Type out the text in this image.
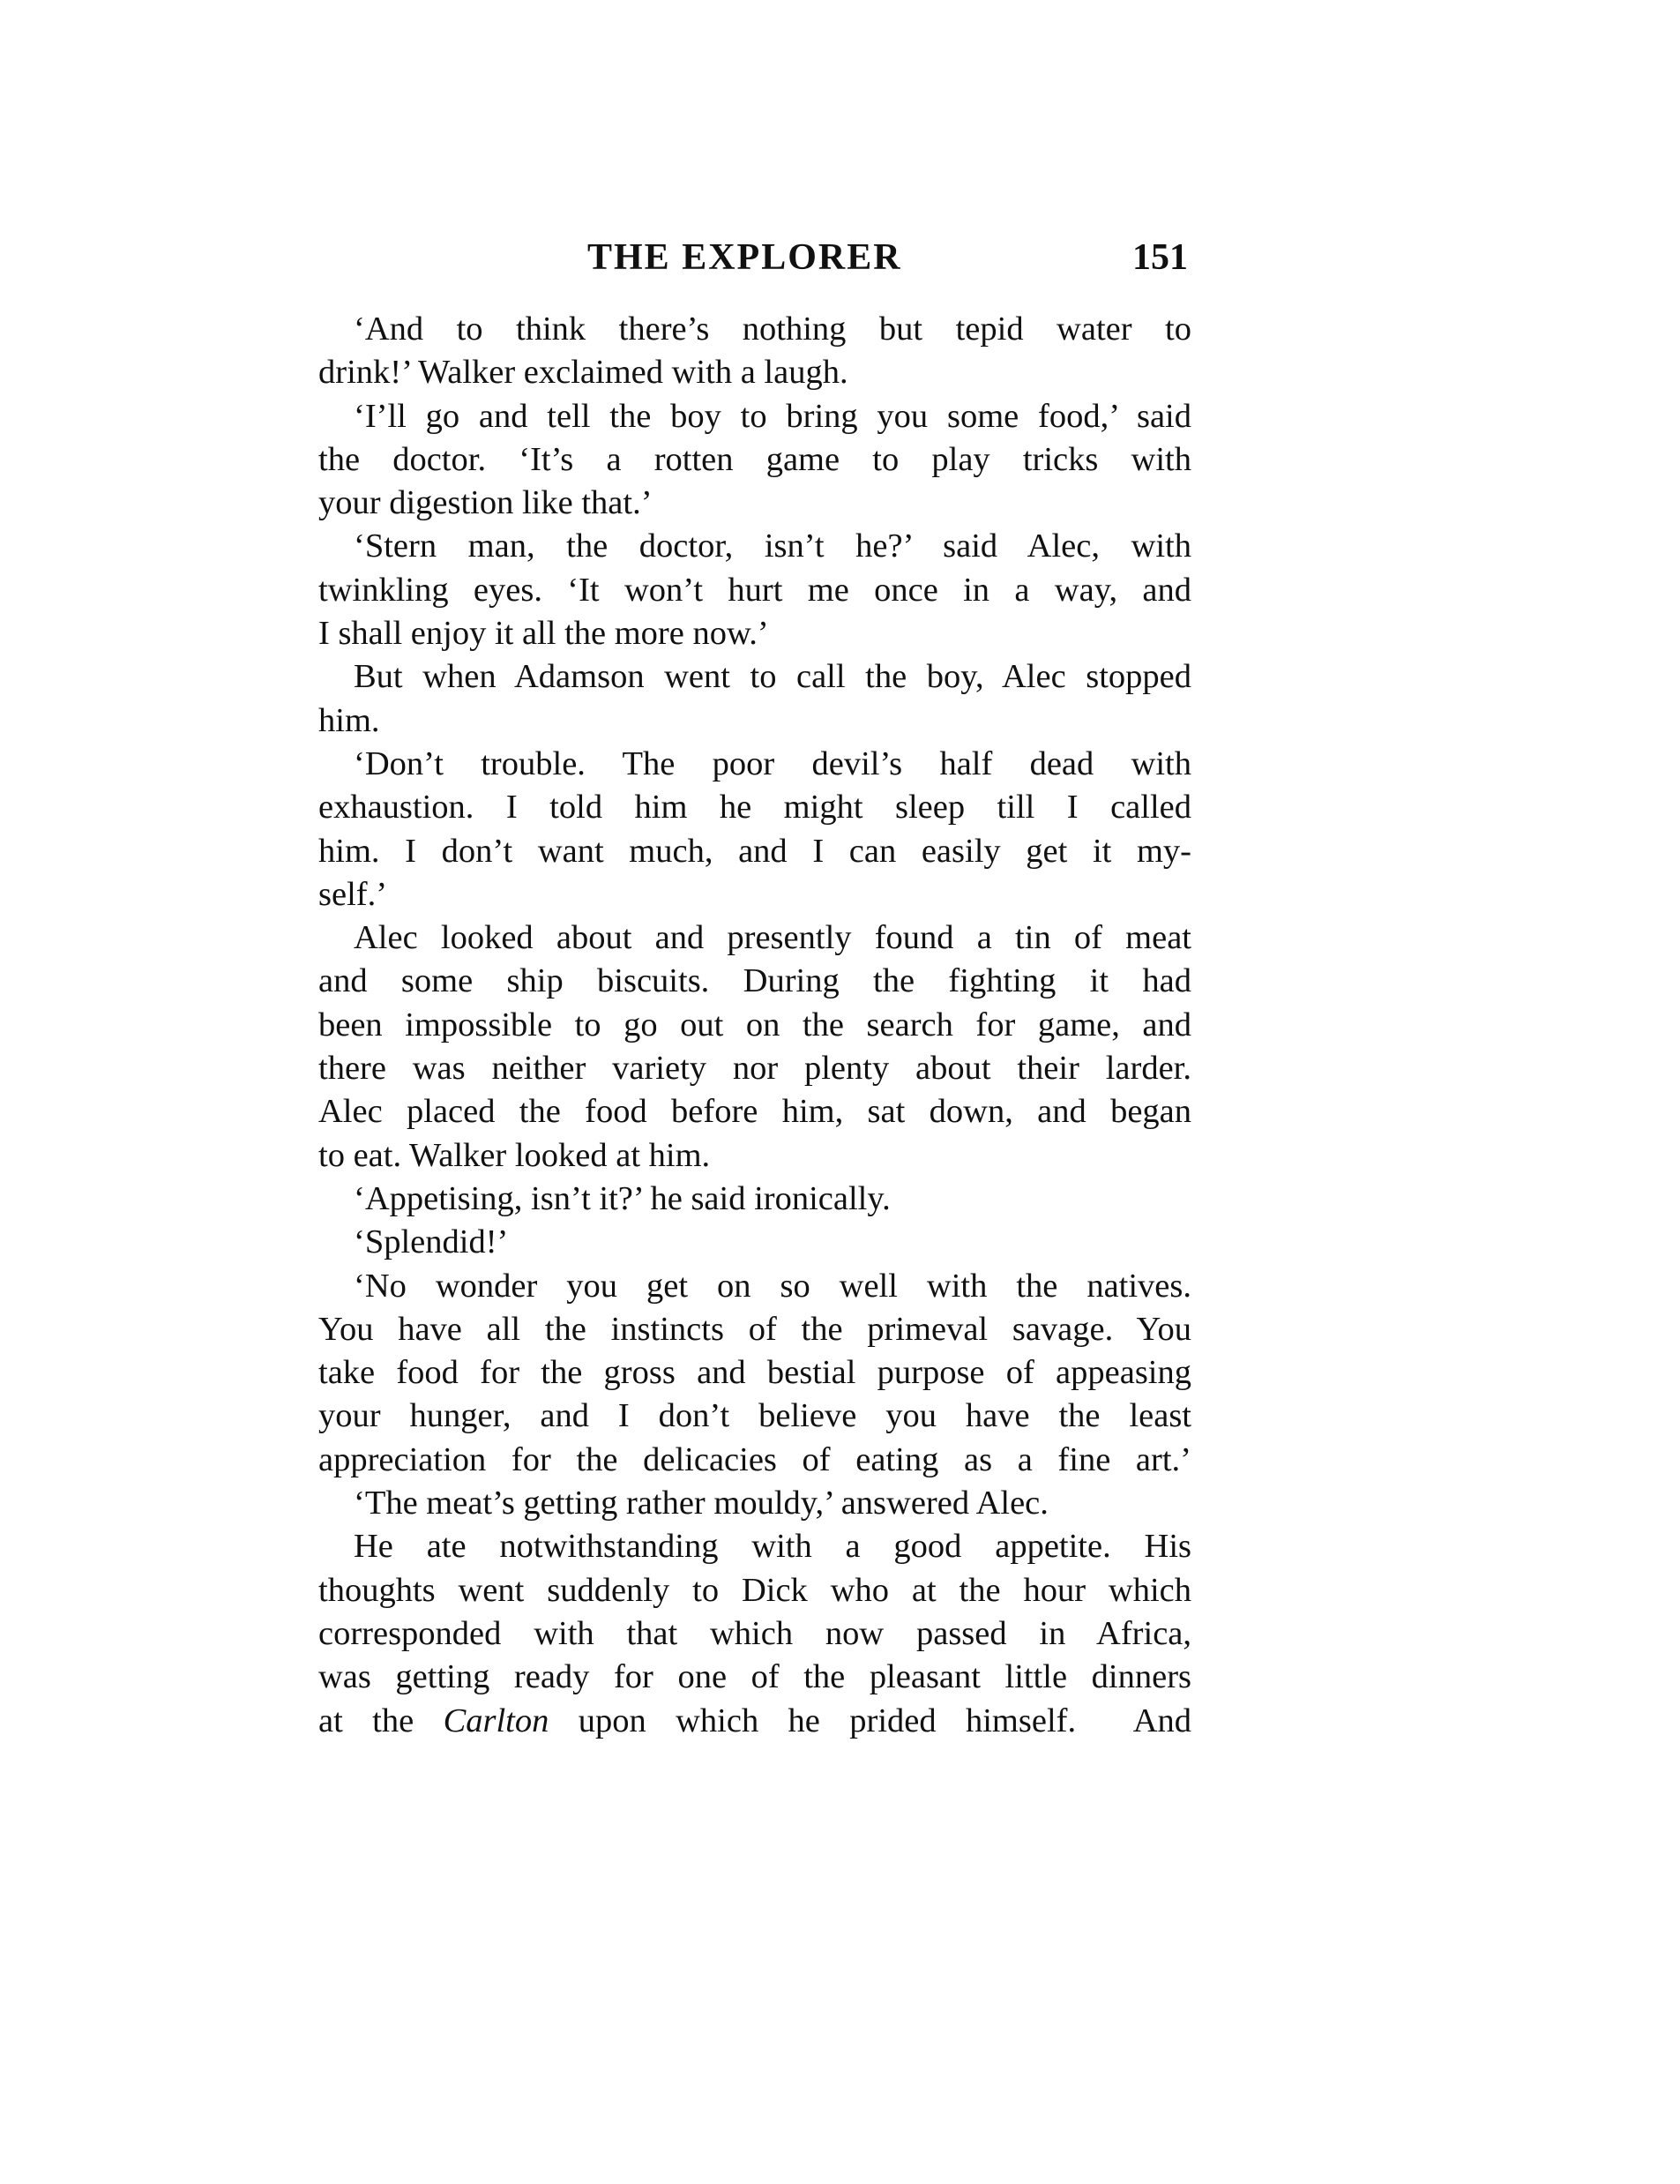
THE EXPLORER	151
‘And to think there’s nothing but tepid water to
drink!’ Walker exclaimed with a laugh.
‘I’ll go and tell the boy to bring you some food,’ said
the doctor. ‘It’s a rotten game to play tricks with
your digestion like that.’
‘Stern man, the doctor, isn’t he?’ said Alec, with
twinkling eyes. ‘It won’t hurt me once in a way, and
I shall enjoy it all the more now.’
But when Adamson went to call the boy, Alec stopped
him.
‘Don’t trouble. The poor devil’s half dead with
exhaustion. I told him he might sleep till I called
him. I don’t want much, and I can easily get it my-
self.’
Alec looked about and presently found a tin of meat
and some ship biscuits. During the fighting it had
been impossible to go out on the search for game, and
there was neither variety nor plenty about their larder.
Alec placed the food before him, sat down, and began
to eat. Walker looked at him.
‘Appetising, isn’t it?’ he said ironically.
‘Splendid!’
‘No wonder you get on so well with the natives.
You have all the instincts of the primeval savage. You
take food for the gross and bestial purpose of appeasing
your hunger, and I don’t believe you have the least
appreciation for the delicacies of eating as a fine art.’
‘The meat’s getting rather mouldy,’ answered Alec.
He ate notwithstanding with a good appetite. His
thoughts went suddenly to Dick who at the hour which
corresponded with that which now passed in Africa,
was getting ready for one of the pleasant little dinners
at the Carlton upon which he prided himself.  And
